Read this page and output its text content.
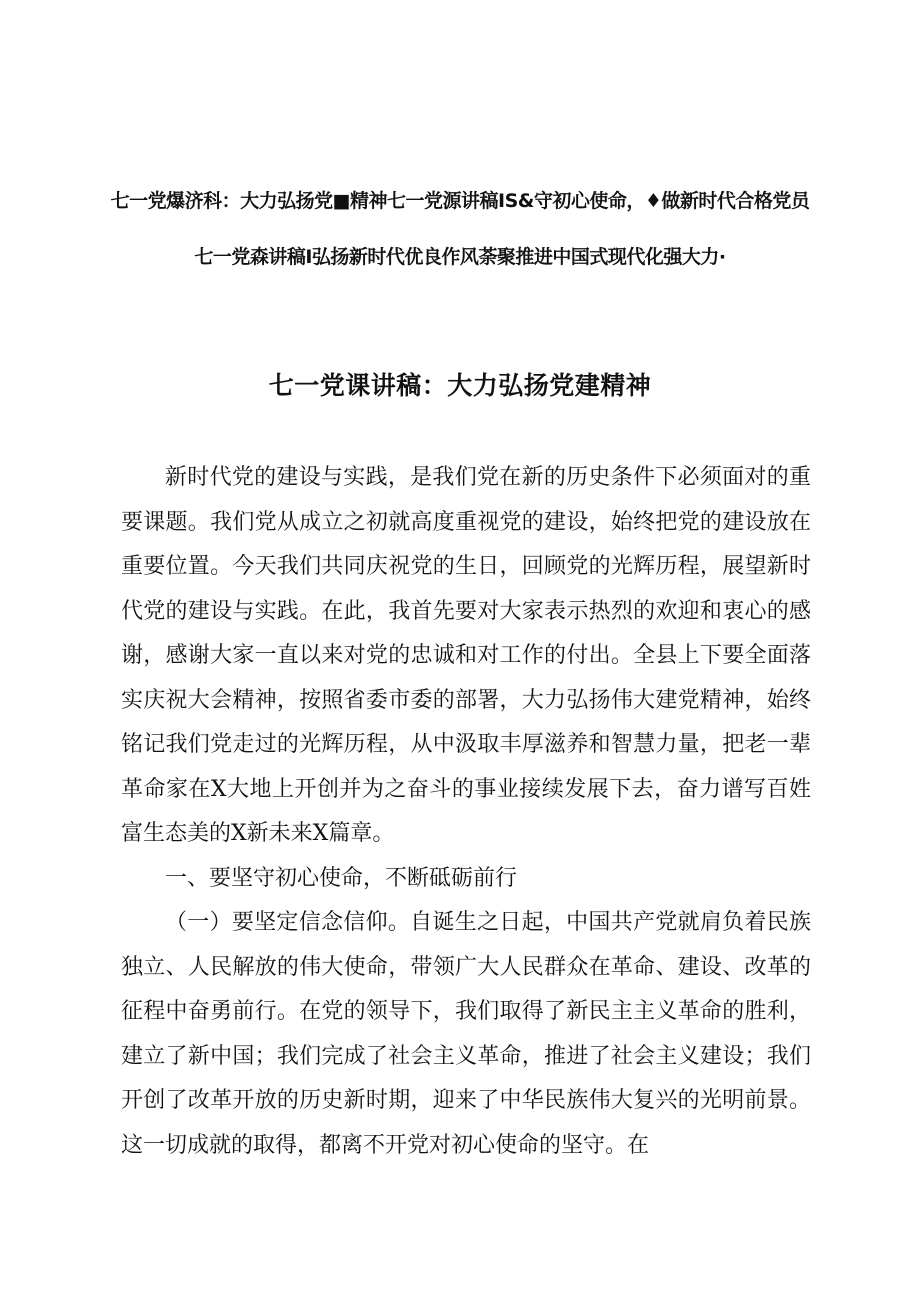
七一党爆济科：大力弘扬党■精神七一党源讲稿IS&守初心使命，♦做新时代合格党员
七一党森讲稿I弘扬新时代优良作风荼聚推进中国式现代化强大力·
七一党课讲稿：大力弘扬党建精神

新时代党的建设与实践，是我们党在新的历史条件下必须面对的重要课题。我们党从成立之初就高度重视党的建设，始终把党的建设放在重要位置。今天我们共同庆祝党的生日，回顾党的光辉历程，展望新时代党的建设与实践。在此，我首先要对大家表示热烈的欢迎和衷心的感谢，感谢大家一直以来对党的忠诚和对工作的付出。全县上下要全面落实庆祝大会精神，按照省委市委的部署，大力弘扬伟大建党精神，始终铭记我们党走过的光辉历程，从中汲取丰厚滋养和智慧力量，把老一辈革命家在X大地上开创并为之奋斗的事业接续发展下去，奋力谱写百姓富生态美的X新未来X篇章。

一、要坚守初心使命，不断砥砺前行

（一）要坚定信念信仰。自诞生之日起，中国共产党就肩负着民族独立、人民解放的伟大使命，带领广大人民群众在革命、建设、改革的征程中奋勇前行。在党的领导下，我们取得了新民主主义革命的胜利，建立了新中国；我们完成了社会主义革命，推进了社会主义建设；我们开创了改革开放的历史新时期，迎来了中华民族伟大复兴的光明前景。这一切成就的取得，都离不开党对初心使命的坚守。在
